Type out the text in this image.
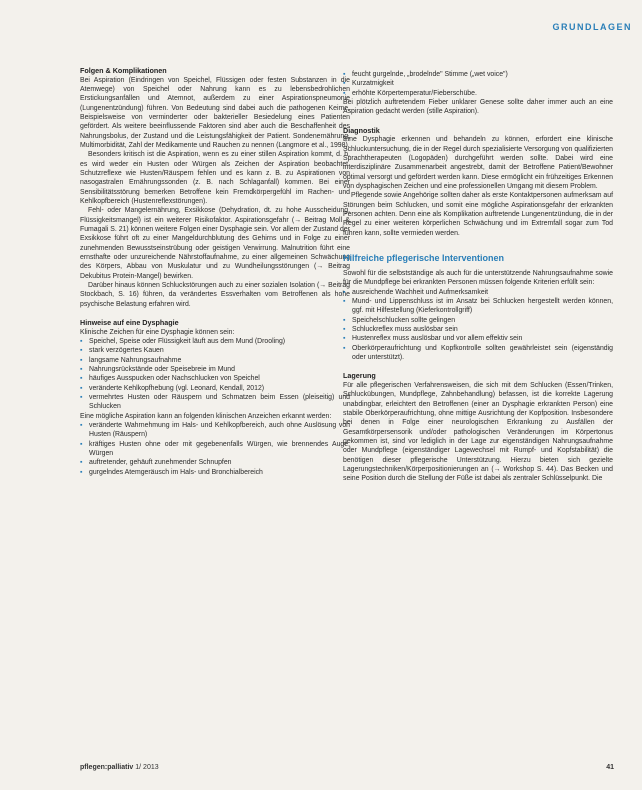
GRUNDLAGEN
Folgen & Komplikationen

Bei Aspiration (Eindringen von Speichel, Flüssigen oder festen Substanzen in die Atemwege) von Speichel oder Nahrung kann es zu lebensbedrohlichen Erstickungsanfällen und Atemnot, außerdem zu einer Aspirationspneumonie (Lungenentzündung) führen. Von Bedeutung sind dabei auch die pathogenen Keime, Beispielsweise von verminderter oder bakterieller Besiedelung eines Patienten gefördert. Als weitere beeinflussende Faktoren sind aber auch die Beschaffenheit des Nahrungsbolus, der Zustand und die Leistungsfähigkeit der Patient. Sondenernährung, Multimorbidität, Zahl der Medikamente und Rauchen zu nennen (Langmore et al., 1998).

Besonders kritisch ist die Aspiration, wenn es zu einer stillen Aspiration kommt, d. h. es wird weder ein Husten oder Würgen als Zeichen der Aspiration beobachtet. Schutzreflexe wie Husten/Räuspern fehlen und es kann z. B. zu Aspirationen von nasogastralen Ernährungssonden (z. B. nach Schlaganfall) kommen. Bei einer Sensibilitätsstörung bemerken Betroffene kein Fremdkörpergefühl im Rachen- und Kehlkopfbereich (Hustenreflexstörungen).

Fehl- oder Mangelernährung, Exsikkose (Dehydration, dt. zu hohe Ausscheidung, Flüssigkeitsmangel) ist ein weiterer Risikofaktor. Aspirationsgefahr (→ Beitrag Moll & Fumagali S. 21) können weitere Folgen einer Dysphagie sein. Vor allem der Zustand der Exsikkose führt oft zu einer Mangeldurchblutung des Gehirns und in Folge zu einer zunehmenden Bewusstseinstrübung oder geistigen Verwirrung. Malnutrition führt eine ernsthafte oder unzureichende Nährstoffaufnahme, zu einer allgemeinen Schwächung des Körpers, Abbau von Muskulatur und zu Wundheilungsstörungen (→ Beitrag Dekubitus Protein-Mangel) bewirken.

Darüber hinaus können Schluckstörungen auch zu einer sozialen Isolation (→ Beitrag Stockbach, S. 16) führen, da verändertes Essverhalten vom Betroffenen als hohe psychische Belastung erfahren wird.

Hinweise auf eine Dysphagie

Klinische Zeichen für eine Dysphagie können sein:

▪ Speichel, Speise oder Flüssigkeit läuft aus dem Mund (Drooling)
▪ stark verzögertes Kauen
▪ langsame Nahrungsaufnahme
▪ Nahrungsrückstände oder Speisebreie im Mund
▪ häufiges Ausspucken oder Nachschlucken von Speichel
▪ veränderte Kehlkopfhebung (vgl. Leonard, Kendall, 2012)
▪ vermehrtes Husten oder Räuspern und Schmatzen beim Essen (pleiseitig) und Schlucken

Eine mögliche Aspiration kann an folgenden klinischen Anzeichen erkannt werden:

▪ veränderte Wahrnehmung im Hals- und Kehlkopfbereich, auch ohne Auslösung von Husten (Räuspern)
▪ kräftiges Husten ohne oder mit gegebenenfalls Würgen, wie brennendes Auge, Würgen
▪ auftretender, gehäuft zunehmender Schnupfen
▪ gurgelndes Atemgeräusch im Hals- und Bronchialbereich
▪ feucht gurgelnde, „brodelnde" Stimme („wet voice")
▪ Kurzatmigkeit
▪ erhöhte Körpertemperatur/Fieberschübe.

Bei plötzlich auftretendem Fieber unklarer Genese sollte daher immer auch an eine Aspiration gedacht werden (stille Aspiration).

Diagnostik

Eine Dysphagie erkennen und behandeln zu können, erfordert eine klinische Schluckuntersuchung, die in der Regel durch spezialisierte Versorgung von qualifizierten Sprachtherapeuten (Logopäden) durchgeführt werden sollte. Dabei wird eine interdisziplinäre Zusammenarbeit angestrebt, damit der Betroffene Patient/Bewohner optimal versorgt und gefördert werden kann. Diese ermöglicht ein frühzeitiges Erkennen von dysphagischen Zeichen und eine professionellen Umgang mit diesem Problem.

Pflegende sowie Angehörige sollten daher als erste Kontaktpersonen aufmerksam auf Störungen beim Schlucken, und somit eine mögliche Aspirationsgefahr der erkrankten Personen achten. Denn eine als Komplikation auftretende Lungenentzündung, die in der Regel zu einer weiteren körperlichen Schwächung und im Extremfall sogar zum Tod führen kann, sollte vermieden werden.

Hilfreiche pflegerische Interventionen

Sowohl für die selbstständige als auch für die unterstützende Nahrungsaufnahme sowie für die Mundpflege bei erkrankten Personen müssen folgende Kriterien erfüllt sein:

▪ ausreichende Wachheit und Aufmerksamkeit
▪ Mund- und Lippenschluss ist im Ansatz bei Schlucken hergestellt werden können, ggf. mit Hilfestellung (Kieferkontrollgriff)
▪ Speichelschlucken sollte gelingen
▪ Schluckreflex muss auslösbar sein
▪ Hustenreflex muss auslösbar und vor allem effektiv sein
▪ Oberkörperaufrichtung und Kopfkontrolle sollten gewährleistet sein (eigenständig oder unterstützt).
Lagerung

Für alle pflegerischen Verfahrensweisen, die sich mit dem Schlucken (Essen/Trinken, Schluckübungen, Mundpflege, Zahnbehandlung) befassen, ist die korrekte Lagerung unabdingbar, erleichtert den Betroffenen (einer an Dysphagie erkrankten Person) eine stabile Oberkörperaufrichtung, ohne mittige Ausrichtung der Kopfposition. Insbesondere bei denen in Folge einer neurologischen Erkrankung zu Ausfällen der Gesamtkörpersensorik und/oder pathologischen Veränderungen im Körpertonus gekommen ist, sind vor lediglich in der Lage zur eigenständigen Nahrungsaufnahme oder Mundpflege (eigenständiger Lagewechsel mit Rumpf- und Kopfstabilität) die benötigen dieser pflegerische Unterstützung. Hierzu bieten sich gezielte Lagerungstechniken/Körperpositionierungen an (→ Workshop S. 44). Das Becken und seine Position durch die Stellung der Füße ist dabei als zentraler Schlüsselpunkt. Die

pflegen:palliativ 1/ 2013	41
